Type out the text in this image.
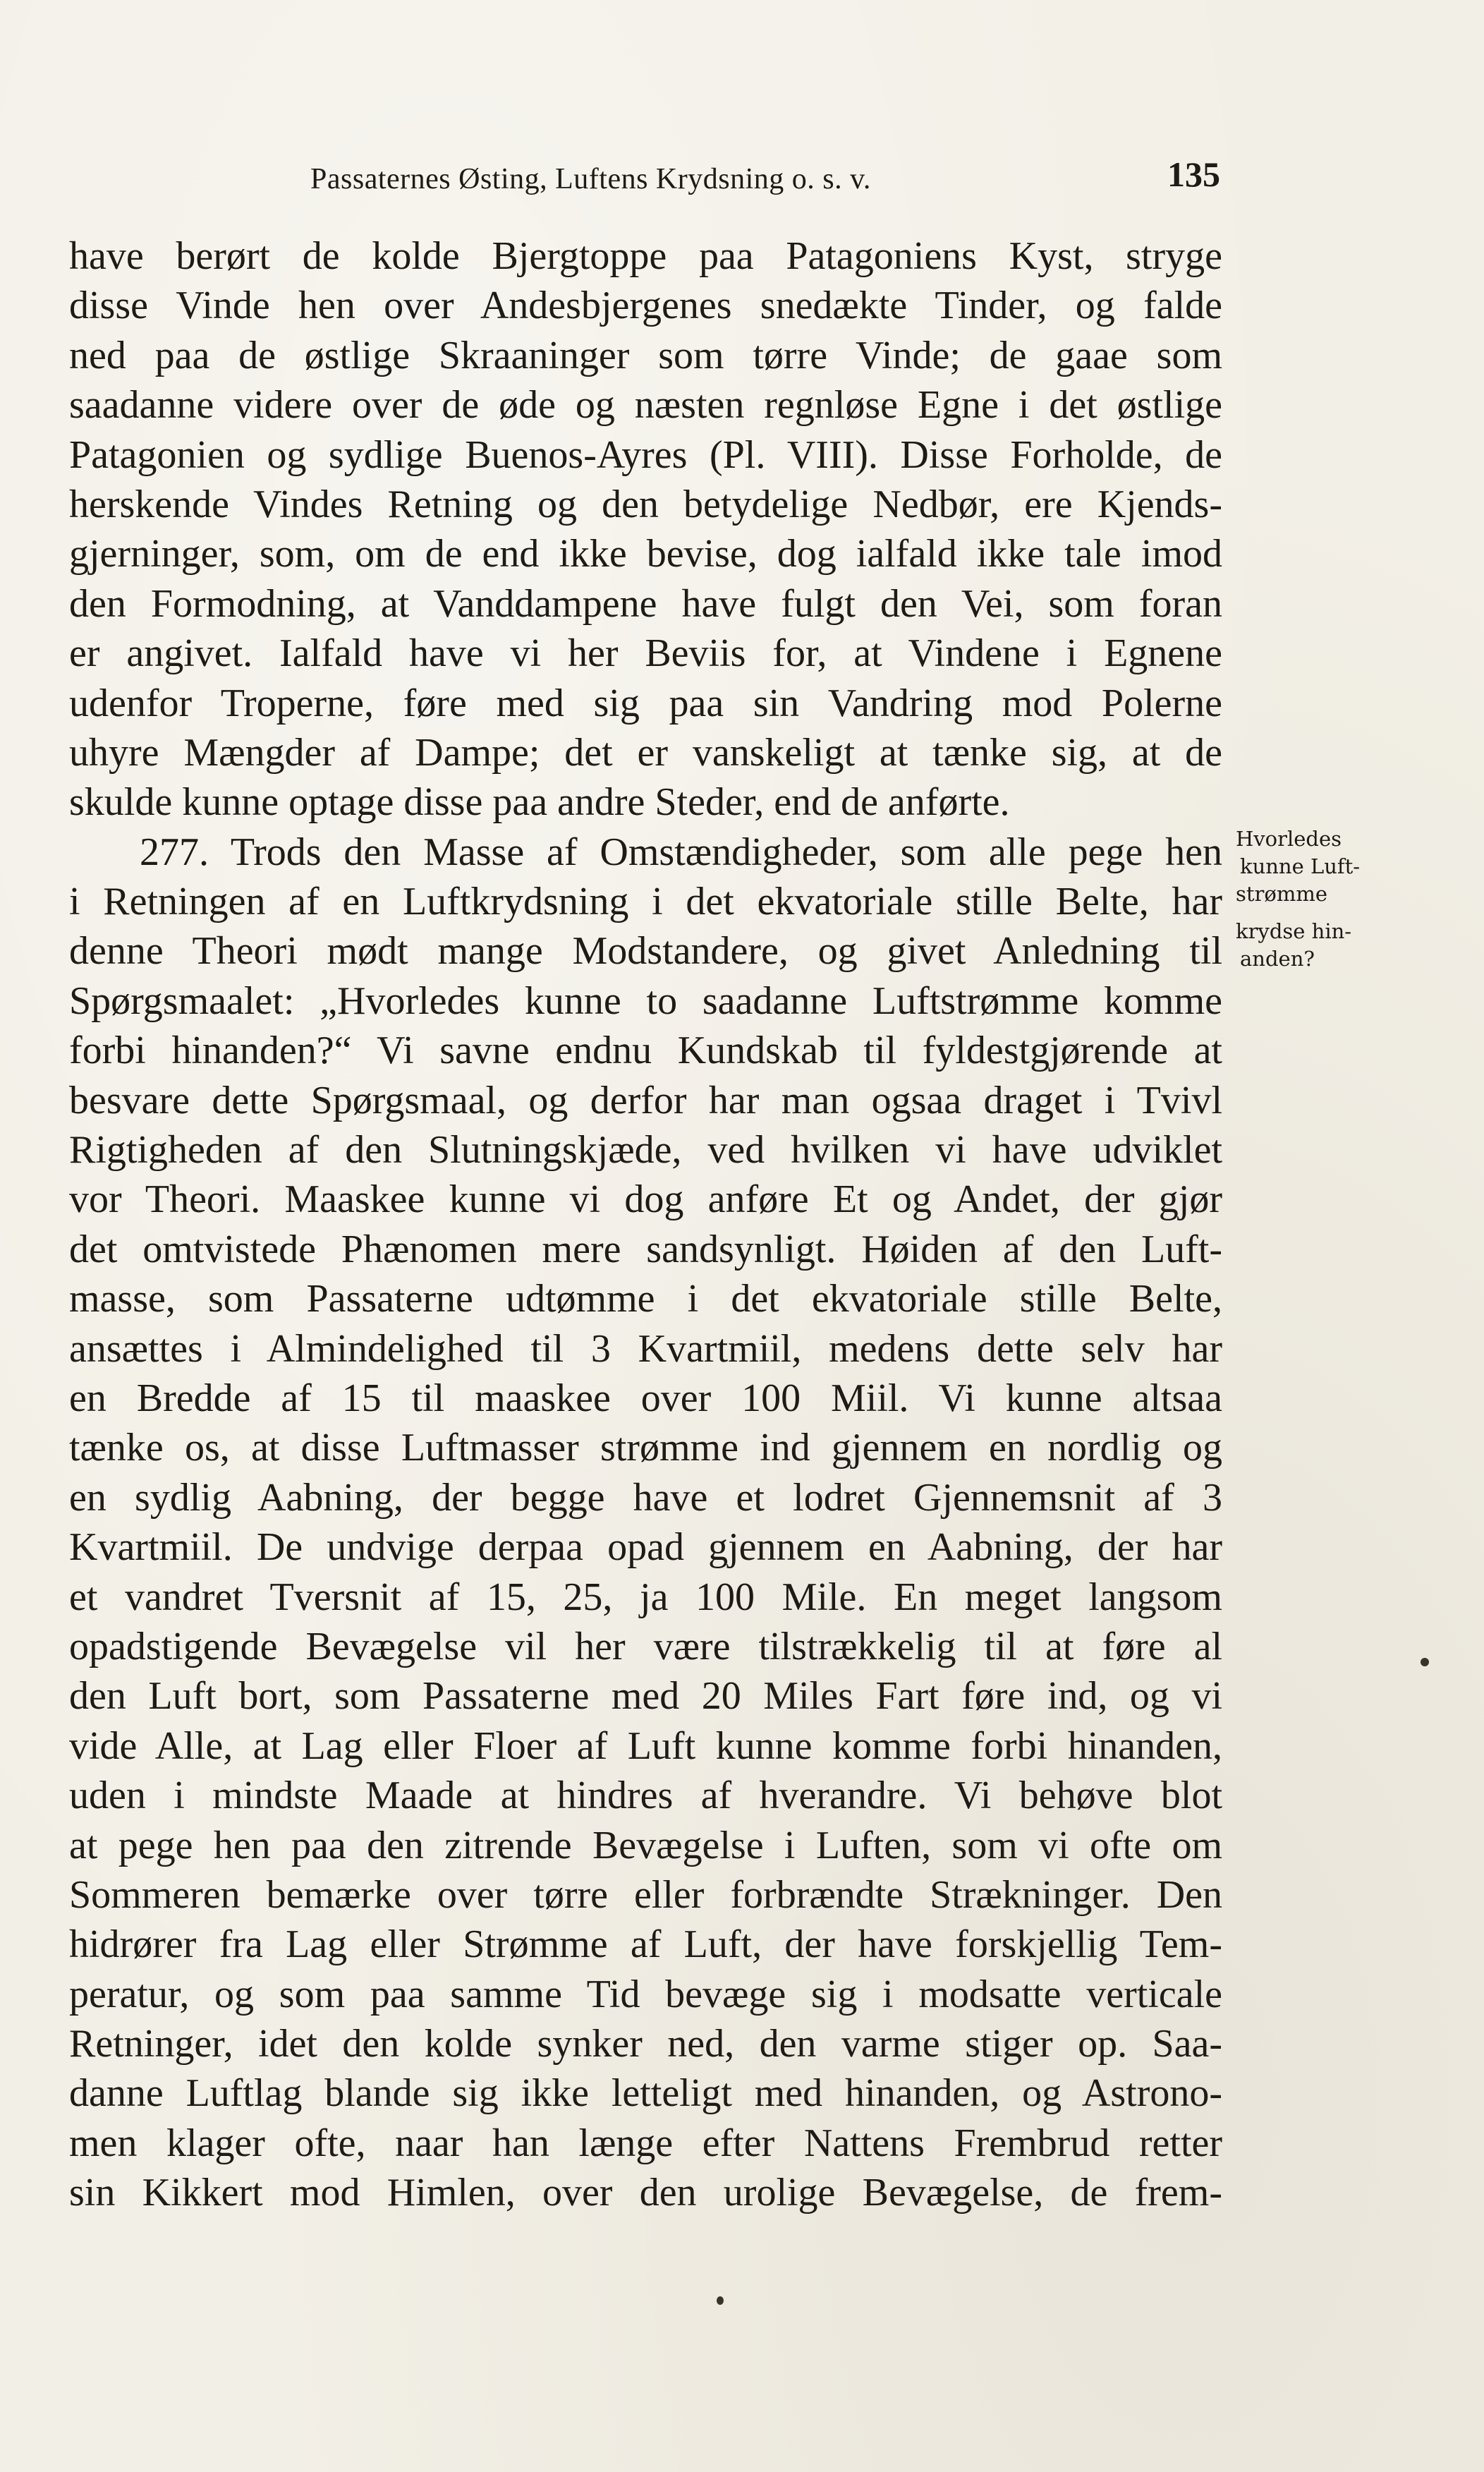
Passaternes Østing, Luftens Krydsning o. s. v.	135
have berørt de kolde Bjergtoppe paa Patagoniens Kyst, stryge
disse Vinde hen over Andesbjergenes snedækte Tinder, og falde
ned paa de østlige Skraaninger som tørre Vinde; de gaae som
saadanne videre over de øde og næsten regnløse Egne i det østlige
Patagonien og sydlige Buenos-Ayres (Pl. VIII). Disse Forholde, de
herskende Vindes Retning og den betydelige Nedbør, ere Kjends-
gjerninger, som, om de end ikke bevise, dog ialfald ikke tale imod
den Formodning, at Vanddampene have fulgt den Vei, som foran
er angivet. Ialfald have vi her Beviis for, at Vindene i Egnene
udenfor Troperne, føre med sig paa sin Vandring mod Polerne
uhyre Mængder af Dampe; det er vanskeligt at tænke sig, at de
skulde kunne optage disse paa andre Steder, end de anførte.
277. Trods den Masse af Omstændigheder, som alle pege hen
i Retningen af en Luftkrydsning i det ekvatoriale stille Belte, har
denne Theori mødt mange Modstandere, og givet Anledning til
Spørgsmaalet: „Hvorledes kunne to saadanne Luftstrømme komme
forbi hinanden?“ Vi savne endnu Kundskab til fyldestgjørende at
besvare dette Spørgsmaal, og derfor har man ogsaa draget i Tvivl
Rigtigheden af den Slutningskjæde, ved hvilken vi have udviklet
vor Theori. Maaskee kunne vi dog anføre Et og Andet, der gjør
det omtvistede Phænomen mere sandsynligt. Høiden af den Luft-
masse, som Passaterne udtømme i det ekvatoriale stille Belte,
ansættes i Almindelighed til 3 Kvartmiil, medens dette selv har
en Bredde af 15 til maaskee over 100 Miil. Vi kunne altsaa
tænke os, at disse Luftmasser strømme ind gjennem en nordlig og
en sydlig Aabning, der begge have et lodret Gjennemsnit af 3
Kvartmiil. De undvige derpaa opad gjennem en Aabning, der har
et vandret Tversnit af 15, 25, ja 100 Mile. En meget langsom
opadstigende Bevægelse vil her være tilstrækkelig til at føre al
den Luft bort, som Passaterne med 20 Miles Fart føre ind, og vi
vide Alle, at Lag eller Floer af Luft kunne komme forbi hinanden,
uden i mindste Maade at hindres af hverandre. Vi behøve blot
at pege hen paa den zitrende Bevægelse i Luften, som vi ofte om
Sommeren bemærke over tørre eller forbrændte Strækninger. Den
hidrører fra Lag eller Strømme af Luft, der have forskjellig Tem-
peratur, og som paa samme Tid bevæge sig i modsatte verticale
Retninger, idet den kolde synker ned, den varme stiger op. Saa-
danne Luftlag blande sig ikke letteligt med hinanden, og Astrono-
men klager ofte, naar han længe efter Nattens Frembrud retter
sin Kikkert mod Himlen, over den urolige Bevægelse, de frem-
Hvorledes
kunne Luft-
strømme
krydse hin-
anden?
